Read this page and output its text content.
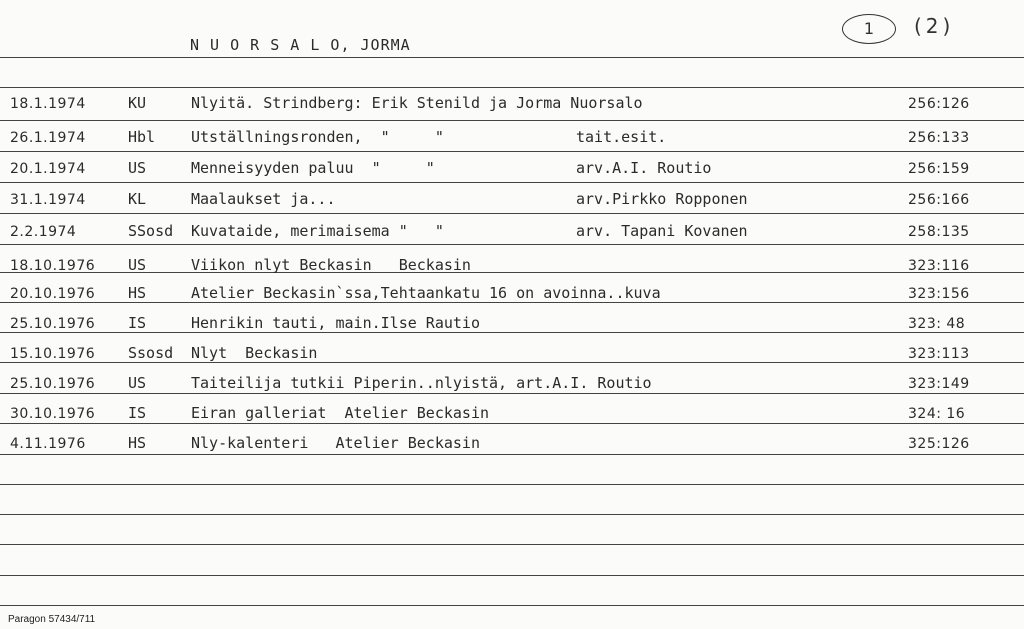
N U O R S A L O, JORMA
1	(2)
18.1.1974	KU	Nlyitä. Strindberg: Erik Stenild ja Jorma Nuorsalo	256:126
26.1.1974	Hbl Utställningsronden,  "     "	tait.esit.	256:133
20.1.1974	US	Menneisyyden paluu  "     "	arv.A.I. Routio	256:159
31.1.1974	KL	Maalaukset ja...	arv.Pirkko Ropponen	256:166
2.2.1974	SSosd Kuvataide, merimaisema "   "	arv. Tapani Kovanen	258:135
18.10.1976 US	Viikon nlyt Beckasin   Beckasin	323:116
20.10.1976 HS	Atelier Beckasin`ssa,Tehtaankatu 16 on avoinna..kuva	323:156
25.10.1976 IS	Henrikin tauti, main.Ilse Rautio	323: 48
15.10.1976 Ssosd Nlyt  Beckasin	323:113
25.10.1976 US	Taiteilija tutkii Piperin..nlyistä, art.A.I. Routio	323:149
30.10.1976 IS	Eiran galleriat  Atelier Beckasin	324: 16
4.11.1976	HS	Nly-kalenteri   Atelier Beckasin	325:126
Paragon 57434/711
